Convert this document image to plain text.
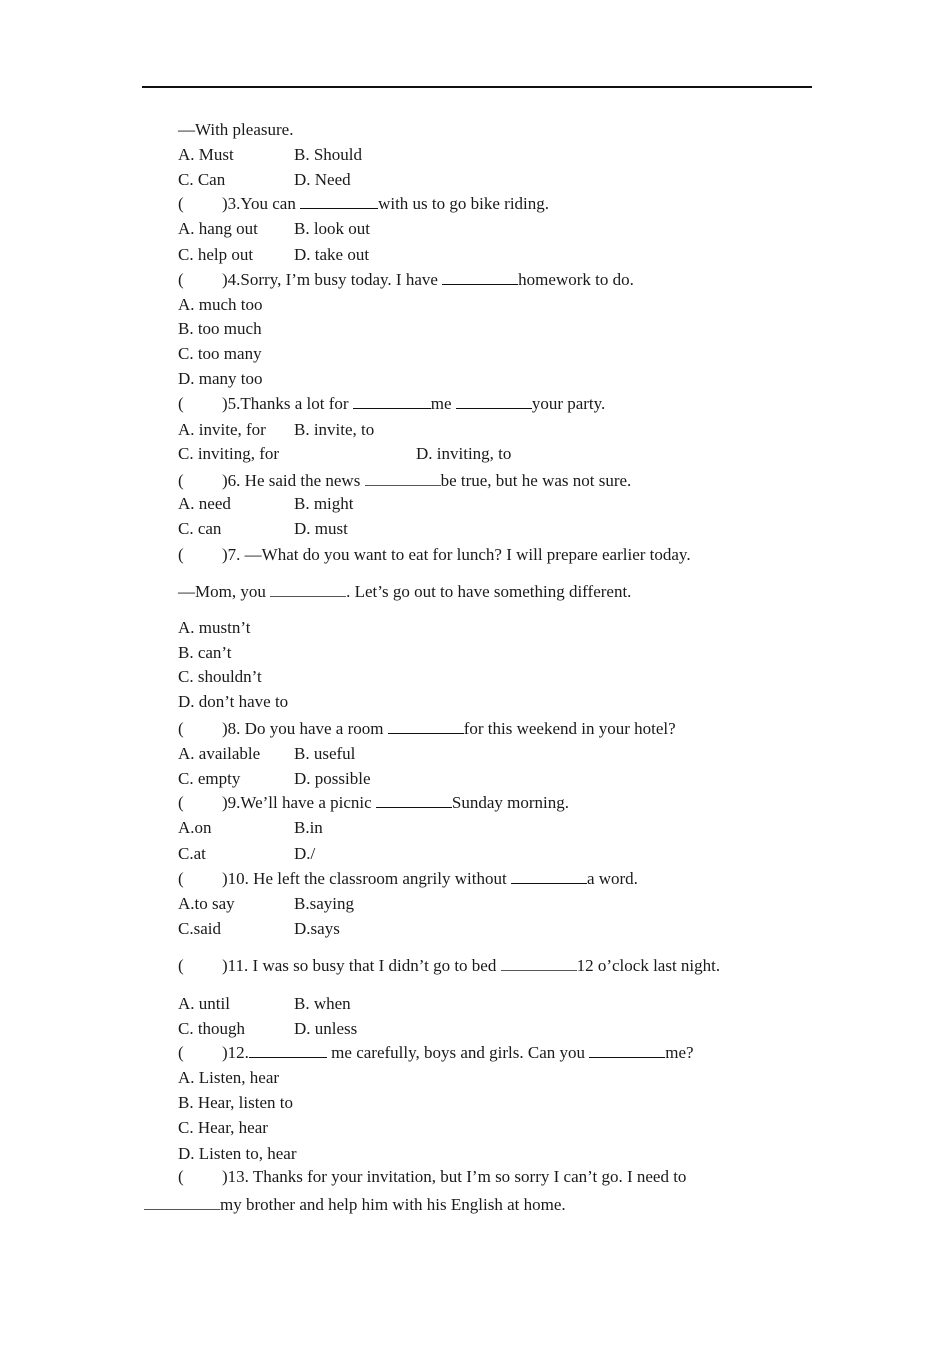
—With pleasure.
A. Must	B. Should
C. Can	D. Need
( )3.You can	with us to go bike riding.
A. hang out B. look out
C. help out D. take out
( )4.Sorry, I’m busy today. I have	homework to do.
A. much too
B. too much
C. too many
D. many too
( )5.Thanks a lot for	me	your party.
A. invite, for B. invite, to
C. inviting, for	D. inviting, to
( )6. He said the news	be true, but he was not sure.
A. need	B. might
C. can	D. must
( )7. —What do you want to eat for lunch? I will prepare earlier today.
—Mom, you	. Let’s go out to have something different.
A. mustn’t
B. can’t
C. shouldn’t
D. don’t have to
( )8. Do you have a room	for this weekend in your hotel?
A. available B. useful
C. empty	D. possible
( )9.We’ll have a picnic	Sunday morning.
A.on	B.in
C.at	D./
( )10. He left the classroom angrily without	a word.
A.to say	B.saying
C.said	D.says
( )11. I was so busy that I didn’t go to bed	12 o’clock last night.
A. until	B. when
C. though	D. unless
( )12.	me carefully, boys and girls. Can you	me?
A. Listen, hear
B. Hear, listen to
C. Hear, hear
D. Listen to, hear
( )13. Thanks for your invitation, but I’m so sorry I can’t go. I need to
my brother and help him with his English at home.
